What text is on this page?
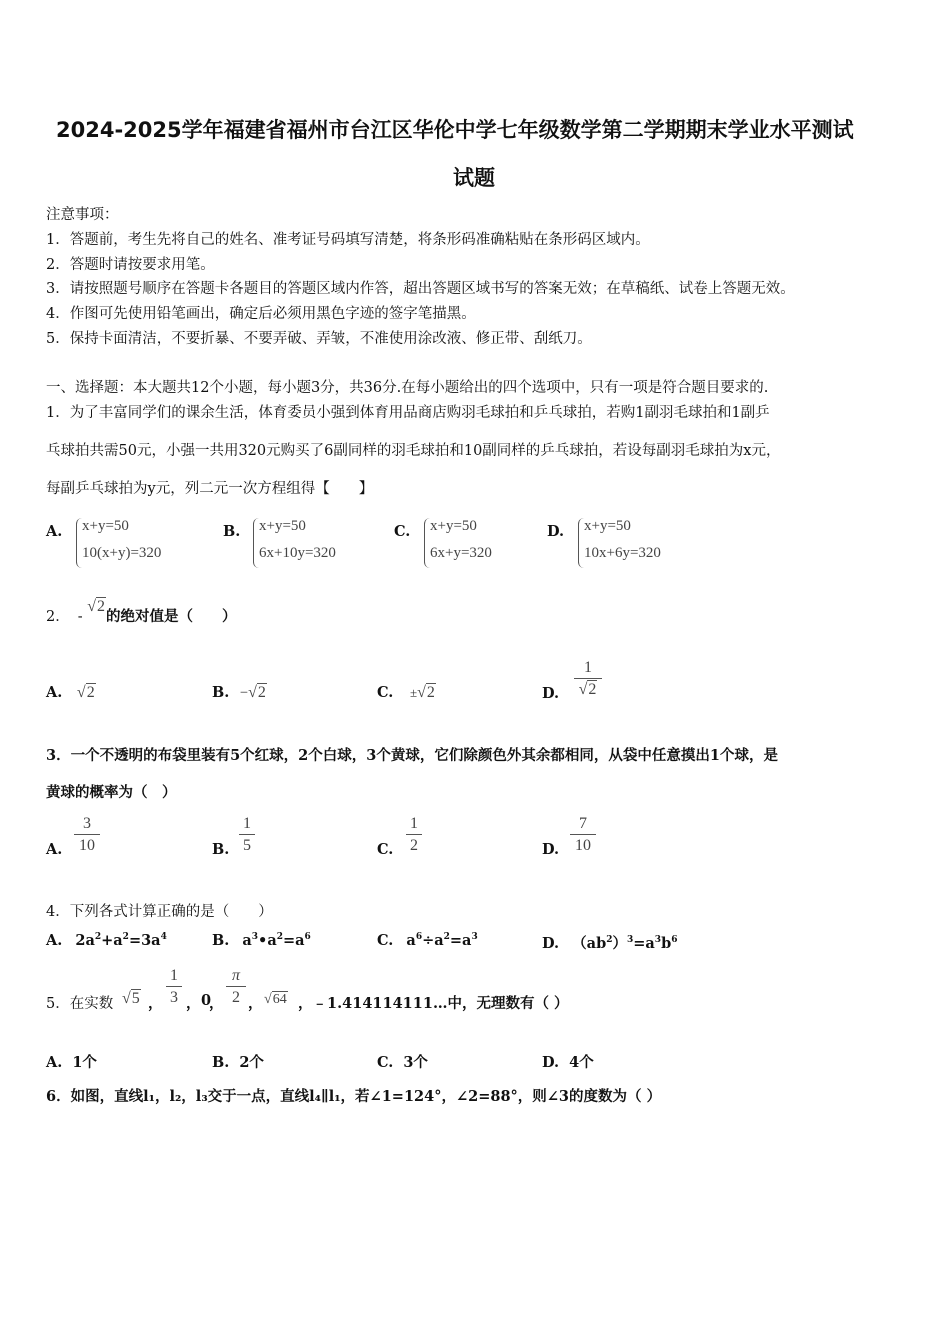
2024-2025学年福建省福州市台江区华伦中学七年级数学第二学期期末学业水平测试
试题
注意事项：
1．答题前，考生先将自己的姓名、准考证号码填写清楚，将条形码准确粘贴在条形码区域内。
2．答题时请按要求用笔。
3．请按照题号顺序在答题卡各题目的答题区域内作答，超出答题区域书写的答案无效；在草稿纸、试卷上答题无效。
4．作图可先使用铅笔画出，确定后必须用黑色字迹的签字笔描黑。
5．保持卡面清洁，不要折暴、不要弄破、弄皱，不准使用涂改液、修正带、刮纸刀。
一、选择题：本大题共12个小题，每小题3分，共36分.在每小题给出的四个选项中，只有一项是符合题目要求的.
1．为了丰富同学们的课余生活，体育委员小强到体育用品商店购羽毛球拍和乒乓球拍，若购1副羽毛球拍和1副乒
乓球拍共需50元，小强一共用320元购买了6副同样的羽毛球拍和10副同样的乒乓球拍，若设每副羽毛球拍为x元，
每副乒乓球拍为y元，列二元一次方程组得【　　】
A. x+y=50
10(x+y)=320
B. x+y=50
6x+10y=320
C. x+y=50
6x+y=320
D. x+y=50
10x+6y=320
2． - √2的绝对值是（　　）
A. √2	B. −√2	C. ±√2	D.
1
√2
3．一个不透明的布袋里装有5个红球，2个白球，3个黄球，它们除颜色外其余都相同，从袋中任意摸出1个球，是
黄球的概率为（　）
A.
3
10	B.
1
5	C.
1
2	D.
7
10
4．下列各式计算正确的是（　　）
A. $2a^2+a^2=3a^4$	B. $a^3•a^2=a^6$	C. $a^6\div a^2=a^3$	D. $(ab^2)^3=a^3b^6$
5．在实数 √5 ，
1
3 ， 0
，
π
2 ， √64 ，﹣1.414114111…中，无理数有（ ）
A. 1个	B. 2个	C. 3个	D. 4个
6．如图，直线l₁，l₂，l₃交于一点，直线l₄∥l₁，若∠1=124°，∠2=88°，则∠3的度数为（ ）
